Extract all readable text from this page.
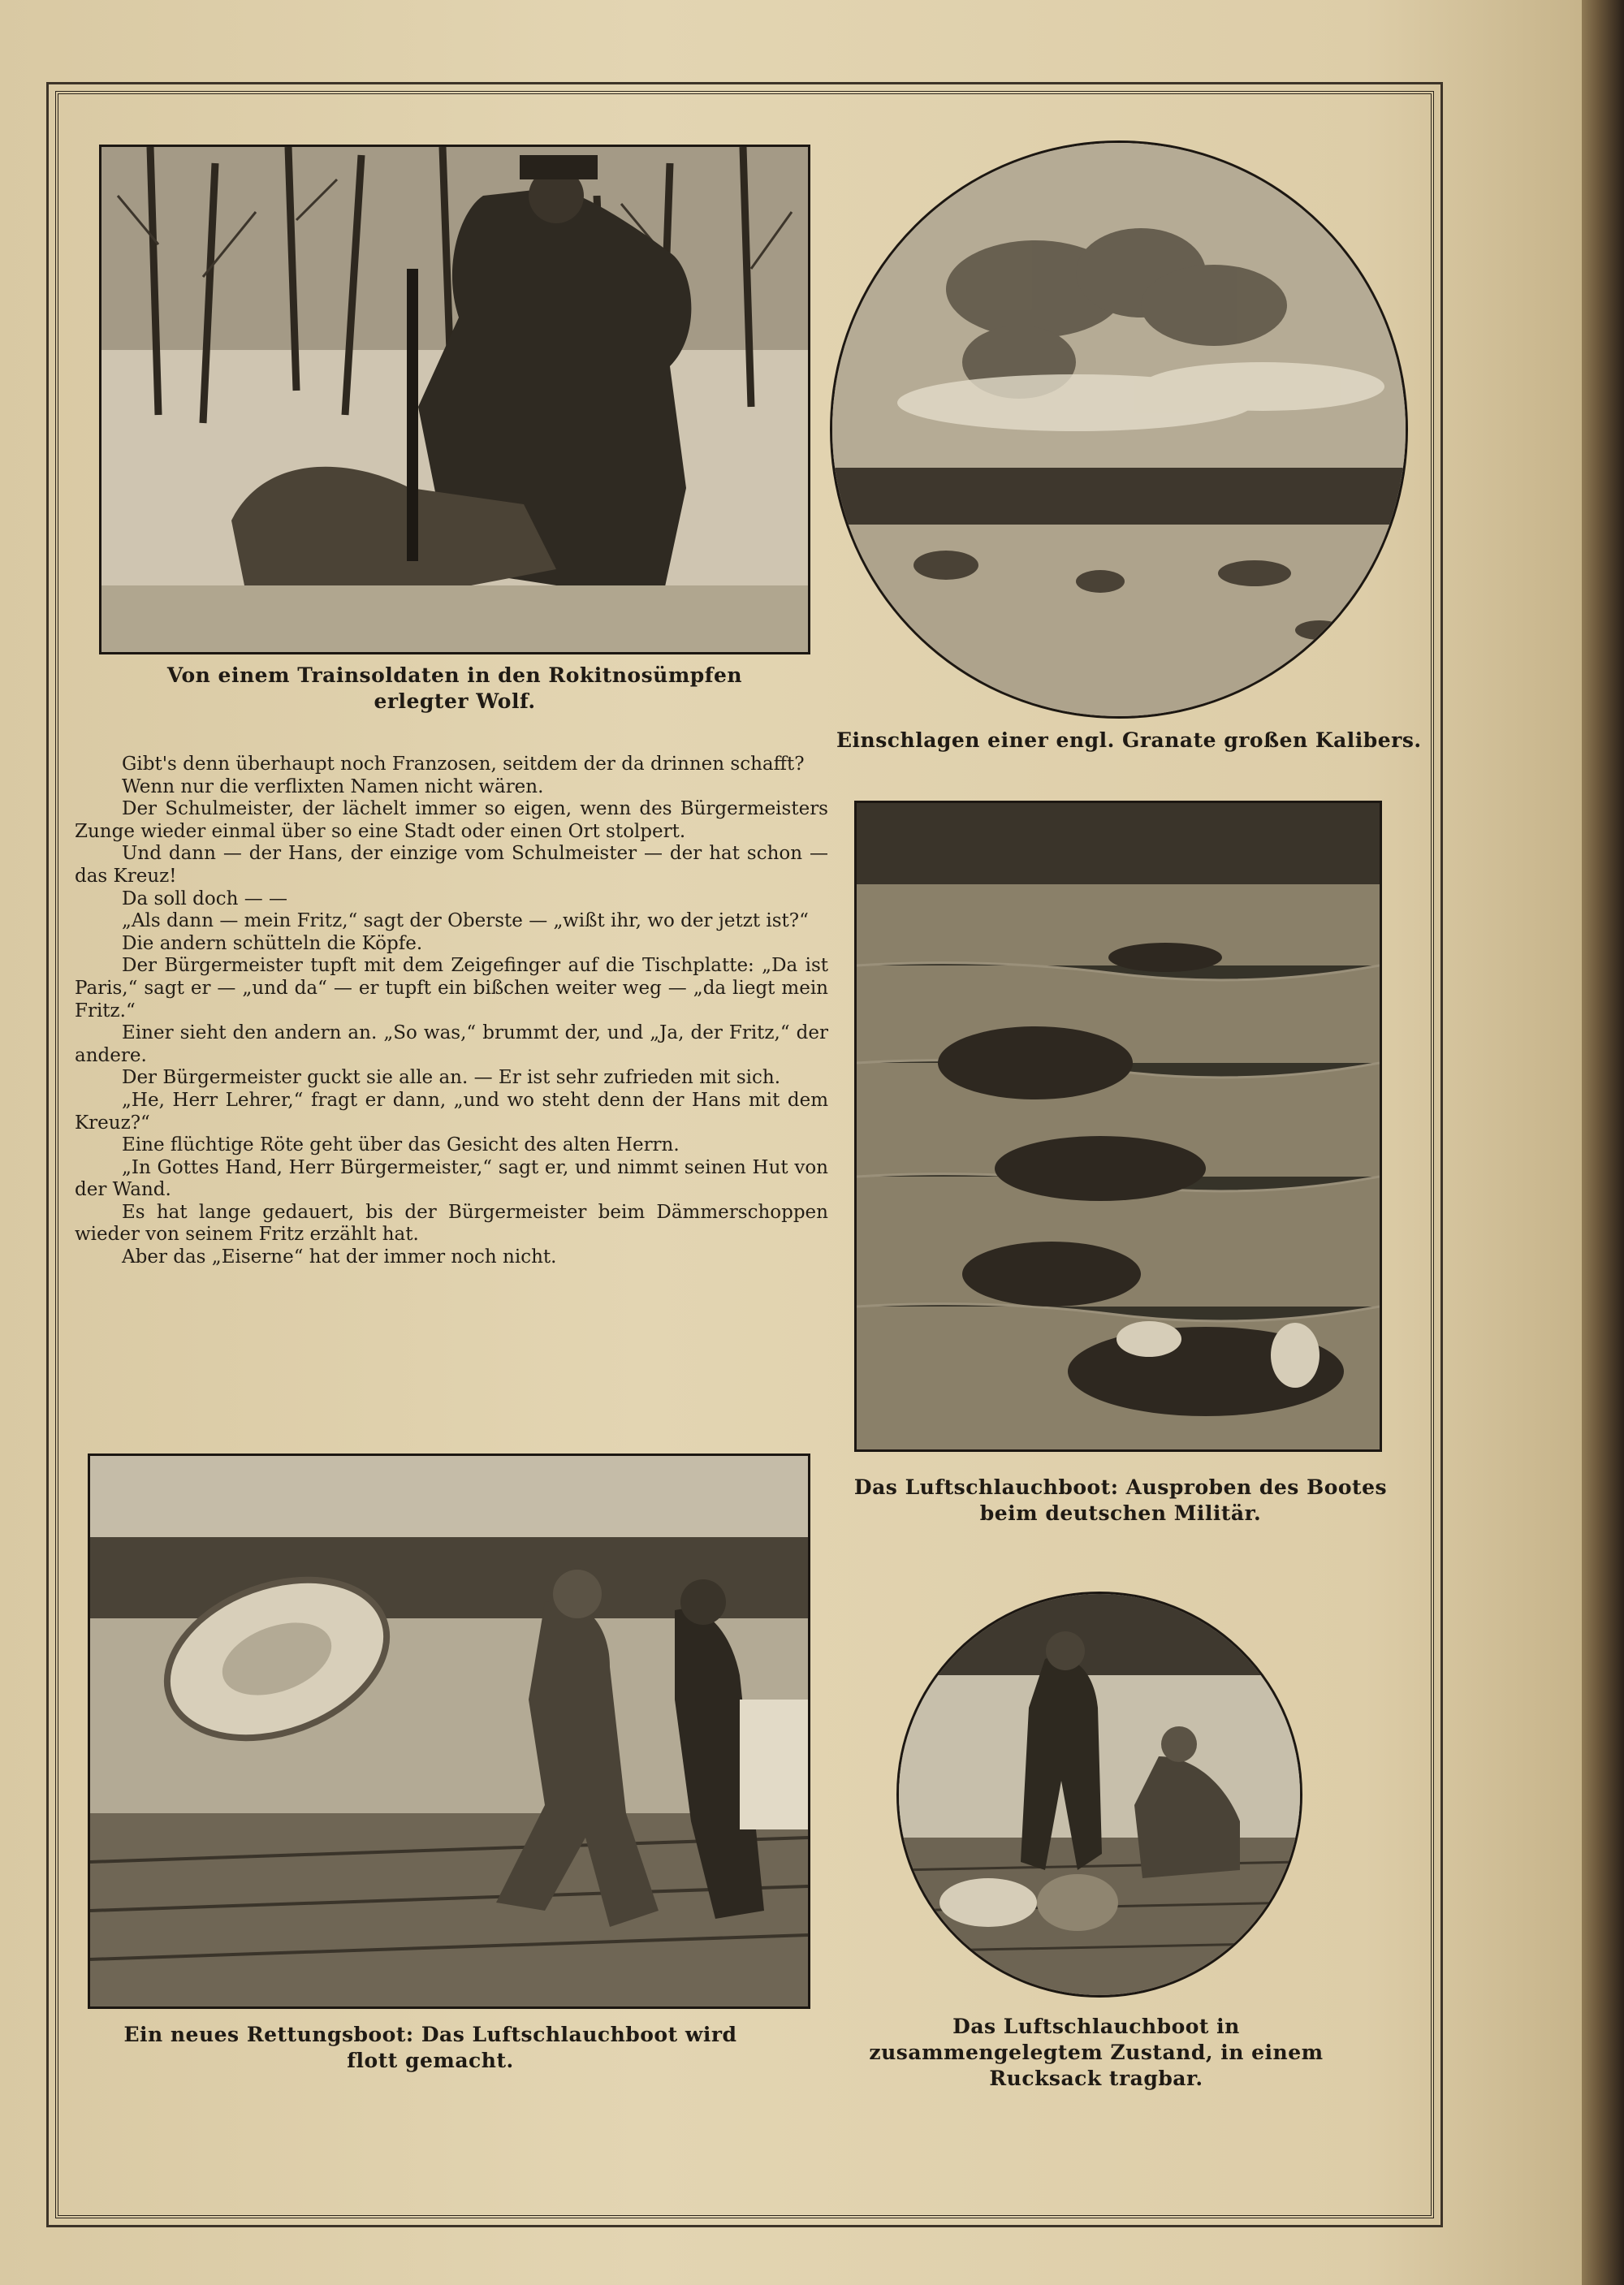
Von einem Trainsoldaten in den Rokitnosümpfen erlegter Wolf.
Einschlagen einer engl. Granate großen Kalibers.

Gibt's denn überhaupt noch Franzosen, seitdem der da drinnen schafft?

Wenn nur die verflixten Namen nicht wären.

Der Schulmeister, der lächelt immer so eigen, wenn des Bürgermeisters Zunge wieder einmal über so eine Stadt oder einen Ort stolpert.

Und dann — der Hans, der einzige vom Schulmeister — der hat schon — das Kreuz!

Da soll doch — —

„Als dann — mein Fritz,“ sagt der Oberste — „wißt ihr, wo der jetzt ist?“

Die andern schütteln die Köpfe.

Der Bürgermeister tupft mit dem Zeigefinger auf die Tischplatte: „Da ist Paris,“ sagt er — „und da“ — er tupft ein bißchen weiter weg — „da liegt mein Fritz.“

Einer sieht den andern an. „So was,“ brummt der, und „Ja, der Fritz,“ der andere.

Der Bürgermeister guckt sie alle an. — Er ist sehr zufrieden mit sich.

„He, Herr Lehrer,“ fragt er dann, „und wo steht denn der Hans mit dem Kreuz?“

Eine flüchtige Röte geht über das Gesicht des alten Herrn.

„In Gottes Hand, Herr Bürgermeister,“ sagt er, und nimmt seinen Hut von der Wand.

Es hat lange gedauert, bis der Bürgermeister beim Dämmerschoppen wieder von seinem Fritz erzählt hat.

Aber das „Eiserne“ hat der immer noch nicht.

Das Luftschlauchboot: Ausproben des Bootes beim deutschen Militär.
Ein neues Rettungsboot: Das Luftschlauchboot wird flott gemacht.
Das Luftschlauchboot in zusammengelegtem Zustand, in einem Rucksack tragbar.
